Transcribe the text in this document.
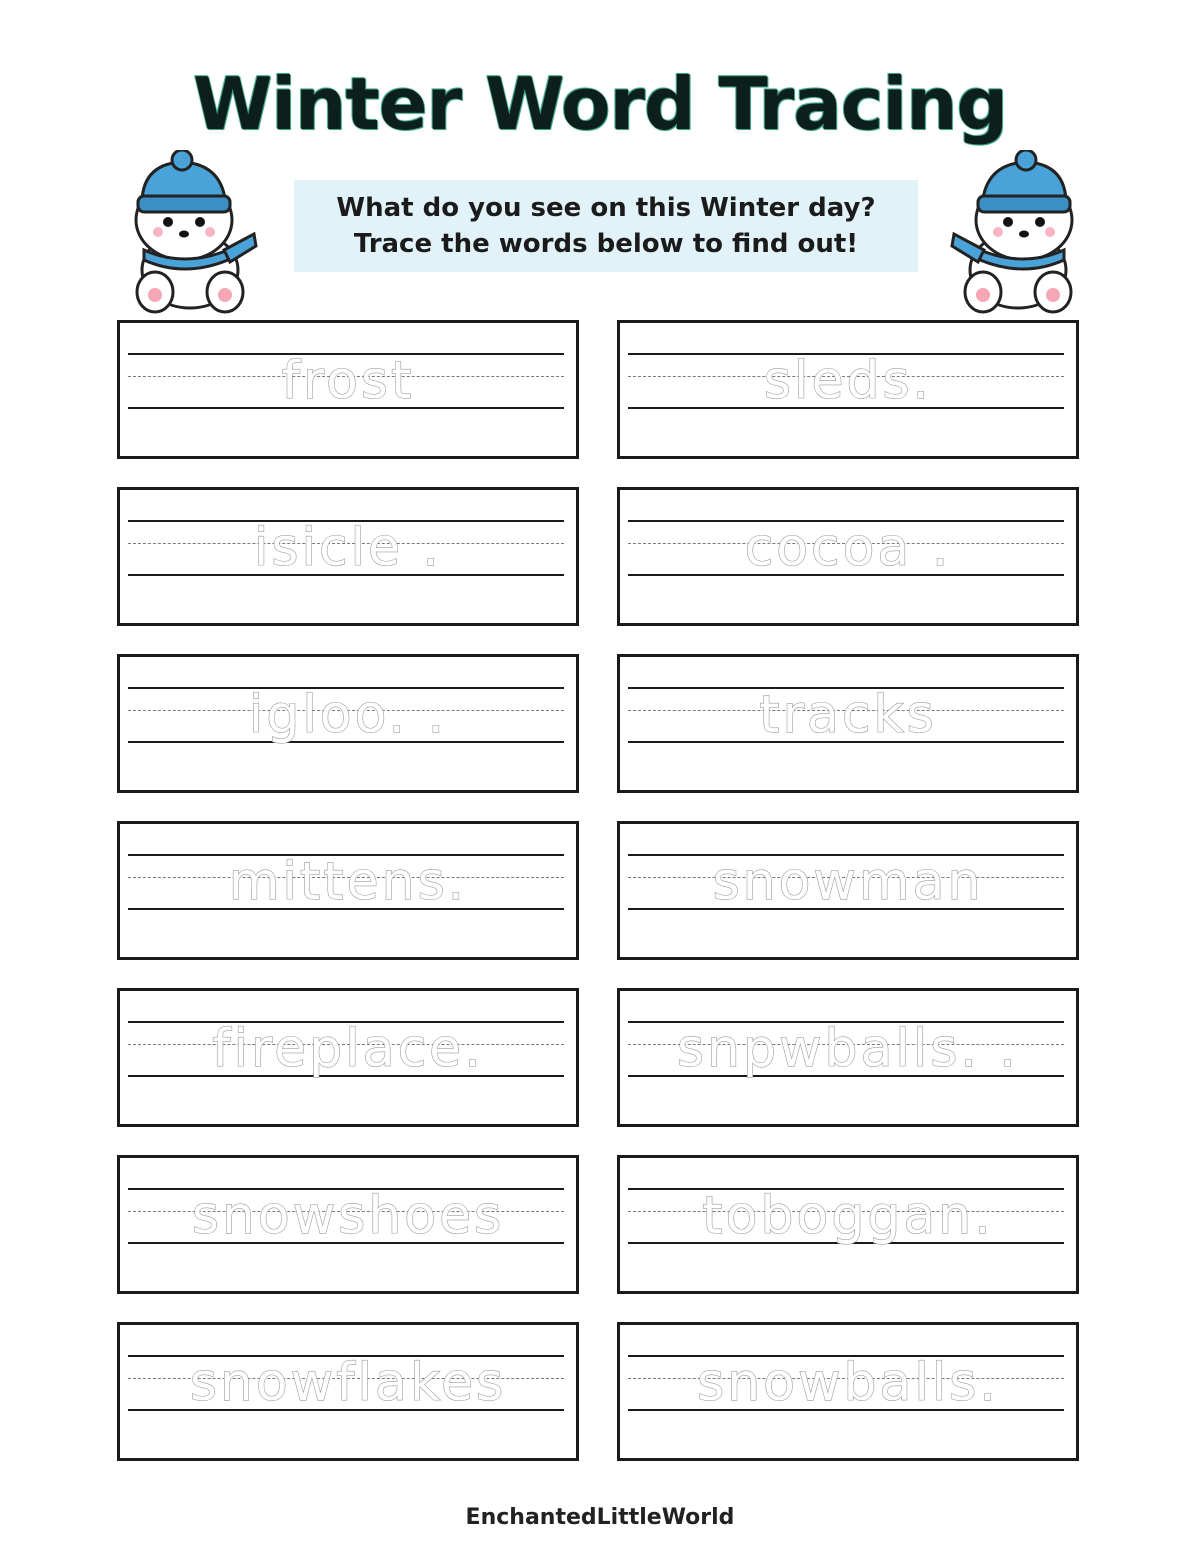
Winter Word Tracing
What do you see on this Winter day?
Trace the words below to find out!
frost
isicle .
igloo. .
mittens.
fireplace.
snowshoes
snowflakes
sleds.
cocoa .
tracks
snowman
snpwballs. .
toboggan.
snowballs.
EnchantedLittleWorld
